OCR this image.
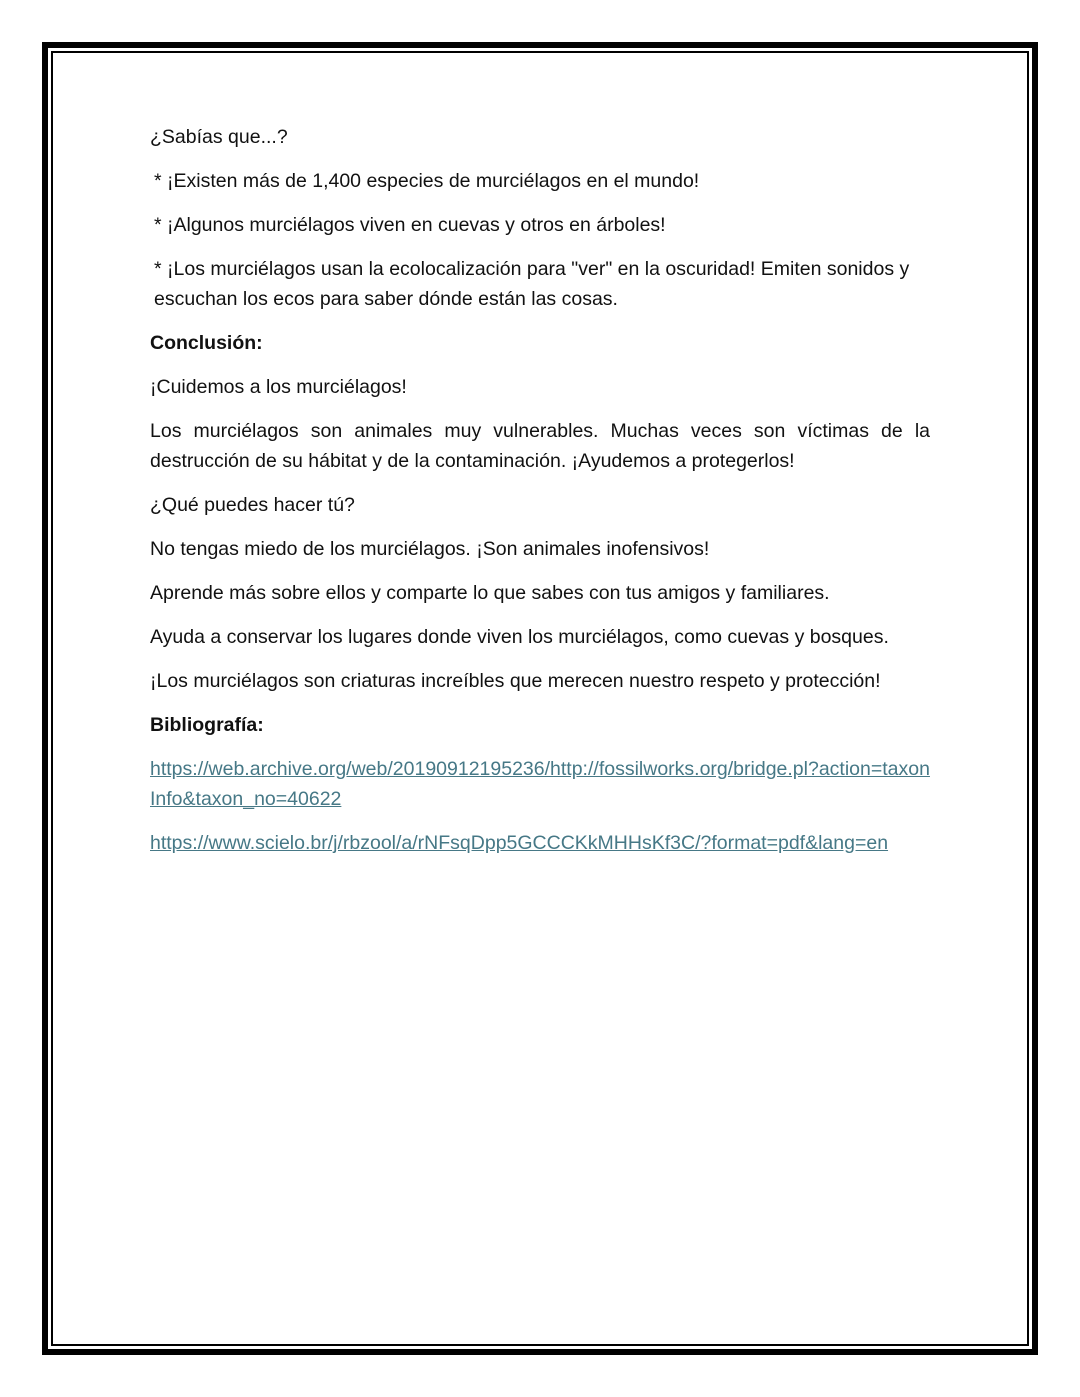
¿Sabías que...?

* ¡Existen más de 1,400 especies de murciélagos en el mundo!

* ¡Algunos murciélagos viven en cuevas y otros en árboles!

* ¡Los murciélagos usan la ecolocalización para "ver" en la oscuridad! Emiten sonidos y escuchan los ecos para saber dónde están las cosas.

Conclusión:

¡Cuidemos a los murciélagos!

Los murciélagos son animales muy vulnerables. Muchas veces son víctimas de la destrucción de su hábitat y de la contaminación. ¡Ayudemos a protegerlos!

¿Qué puedes hacer tú?

No tengas miedo de los murciélagos. ¡Son animales inofensivos!

Aprende más sobre ellos y comparte lo que sabes con tus amigos y familiares.

Ayuda a conservar los lugares donde viven los murciélagos, como cuevas y bosques.

¡Los murciélagos son criaturas increíbles que merecen nuestro respeto y protección!

Bibliografía:

https://web.archive.org/web/20190912195236/http://fossilworks.org/bridge.pl?action=taxonInfo&taxon_no=40622

https://www.scielo.br/j/rbzool/a/rNFsqDpp5GCCCKkMHHsKf3C/?format=pdf&lang=en
